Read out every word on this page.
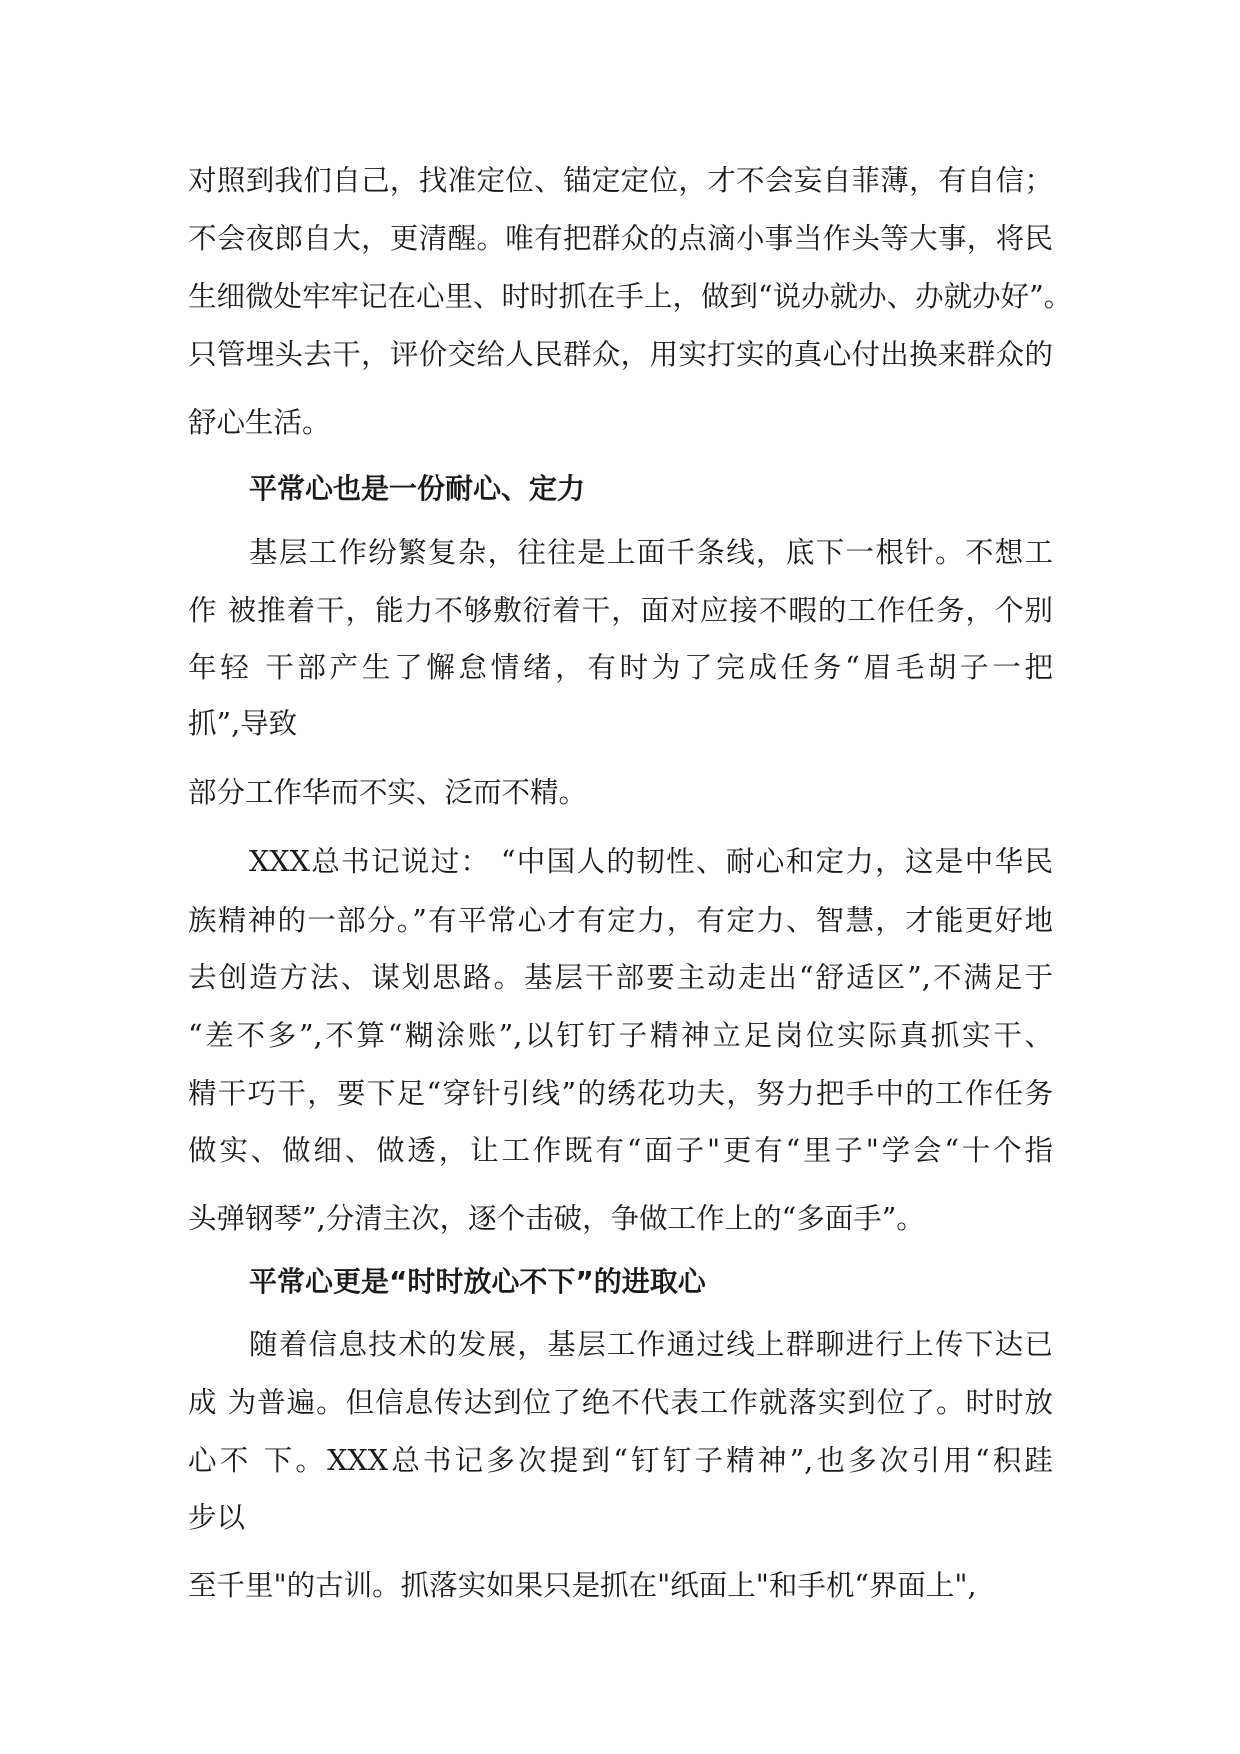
对照到我们自己，找准定位、锚定定位，才不会妄自菲薄，有自信；
不会夜郎自大，更清醒。唯有把群众的点滴小事当作头等大事，将民
生细微处牢牢记在心里、时时抓在手上，做到“说办就办、办就办好”。
只管埋头去干，评价交给人民群众，用实打实的真心付出换来群众的
舒心生活。
平常心也是一份耐心、定力
基层工作纷繁复杂，往往是上面千条线，底下一根针。不想工
作 被推着干，能力不够敷衍着干，面对应接不暇的工作任务，个别
年轻 干部产生了懈怠情绪，有时为了完成任务“眉毛胡子一把
抓”,导致
部分工作华而不实、泛而不精。
XXX总书记说过： “中国人的韧性、耐心和定力，这是中华民
族精神的一部分。”有平常心才有定力，有定力、智慧，才能更好地
去创造方法、谋划思路。基层干部要主动走出“舒适区”,不满足于
“差不多”,不算“糊涂账”,以钉钉子精神立足岗位实际真抓实干、
精干巧干，要下足“穿针引线”的绣花功夫，努力把手中的工作任务
做实、做细、做透，让工作既有“面子"更有“里子"学会“十个指
头弹钢琴”,分清主次，逐个击破，争做工作上的“多面手”。
平常心更是“时时放心不下”的进取心
随着信息技术的发展，基层工作通过线上群聊进行上传下达已
成 为普遍。但信息传达到位了绝不代表工作就落实到位了。时时放
心不 下。XXX总书记多次提到“钉钉子精神”,也多次引用“积跬
步以
至千里"的古训。抓落实如果只是抓在"纸面上"和手机“界面上",
